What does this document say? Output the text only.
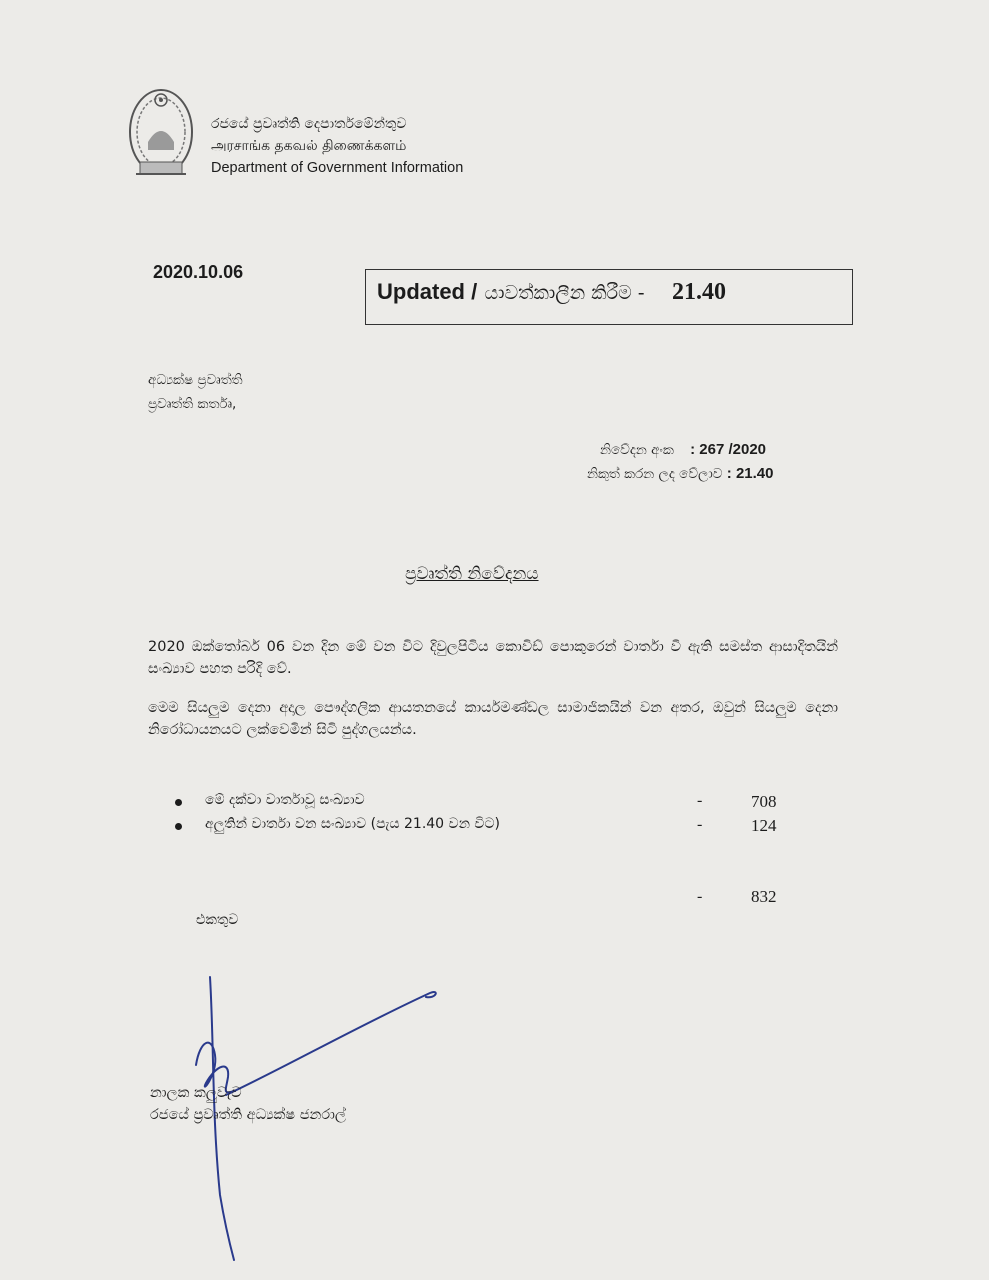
රජයේ ප්‍රවෘත්ති දෙපාර්තමේන්තුව
அரசாங்க தகவல் திணைக்களம்
Department of Government Information
2020.10.06
Updated / යාවත්කාලීන කිරීම - 21.40
අධ්‍යක්ෂ ප්‍රවෘත්ති
ප්‍රවෘත්ති කර්තෘ,
නිවේදන අංක : 267 /2020
නිකුත් කරන ලද වේලාව : 21.40
ප්‍රවෘත්ති නිවේදනය
2020 ඔක්තෝබර් 06 වන දින මේ වන විට දිවුලපිටිය කොවිඩ් පොකුරෙන් වාර්තා වී ඇති සමස්ත ආසාදිතයින් සංඛ්‍යාව පහත පරිදි වේ.
මෙම සියලුම දෙනා අදාල පෞද්ගලික ආයතනයේ කාර්යමණ්ඩල සාමාජිකයින් වන අතර, ඔවුන් සියලුම දෙනා නිරෝධායනයට ලක්වෙමින් සිටි පුද්ගලයන්ය.
මේ දක්වා වාර්තාවූ සංඛ්‍යාව	-	708
අලුතින් වාර්තා වන සංඛ්‍යාව (පැය 21.40 වන විට)	-	124
-	832
එකතුව
නාලක කලුවැව
රජයේ ප්‍රවෘත්ති අධ්‍යක්ෂ ජනරාල්
